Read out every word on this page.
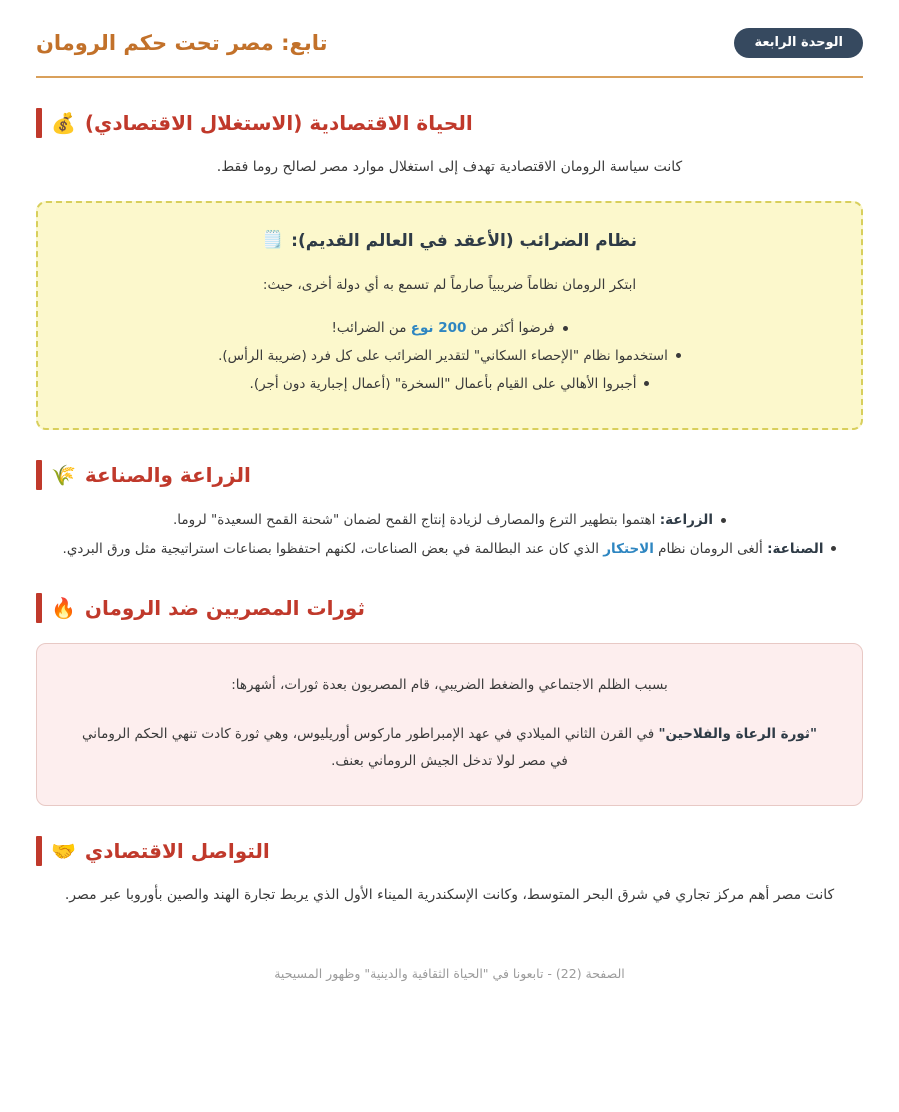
تابع: مصر تحت حكم الرومان	الوحدة الرابعة
💰 الحياة الاقتصادية (الاستغلال الاقتصادي)

كانت سياسة الرومان الاقتصادية تهدف إلى استغلال موارد مصر لصالح روما فقط.

🗒️ نظام الضرائب (الأعقد في العالم القديم):
ابتكر الرومان نظاماً ضريبياً صارماً لم تسمع به أي دولة أخرى، حيث:
فرضوا أكثر من 200 نوع من الضرائب!
استخدموا نظام "الإحصاء السكاني" لتقدير الضرائب على كل فرد (ضريبة الرأس).
أجبروا الأهالي على القيام بأعمال "السخرة" (أعمال إجبارية دون أجر).
🌾 الزراعة والصناعة
الزراعة: اهتموا بتطهير الترع والمصارف لزيادة إنتاج القمح لضمان "شحنة القمح السعيدة" لروما.
الصناعة: ألغى الرومان نظام الاحتكار الذي كان عند البطالمة في بعض الصناعات، لكنهم احتفظوا بصناعات استراتيجية مثل ورق البردي.
🔥 ثورات المصريين ضد الرومان

بسبب الظلم الاجتماعي والضغط الضريبي، قام المصريون بعدة ثورات، أشهرها:

"ثورة الرعاة والفلاحين" في القرن الثاني الميلادي في عهد الإمبراطور ماركوس أوريليوس، وهي ثورة كادت تنهي الحكم الروماني في مصر لولا تدخل الجيش الروماني بعنف.

🤝 التواصل الاقتصادي

كانت مصر أهم مركز تجاري في شرق البحر المتوسط، وكانت الإسكندرية الميناء الأول الذي يربط تجارة الهند والصين بأوروبا عبر مصر.

الصفحة (22) - تابعونا في "الحياة الثقافية والدينية" وظهور المسيحية
